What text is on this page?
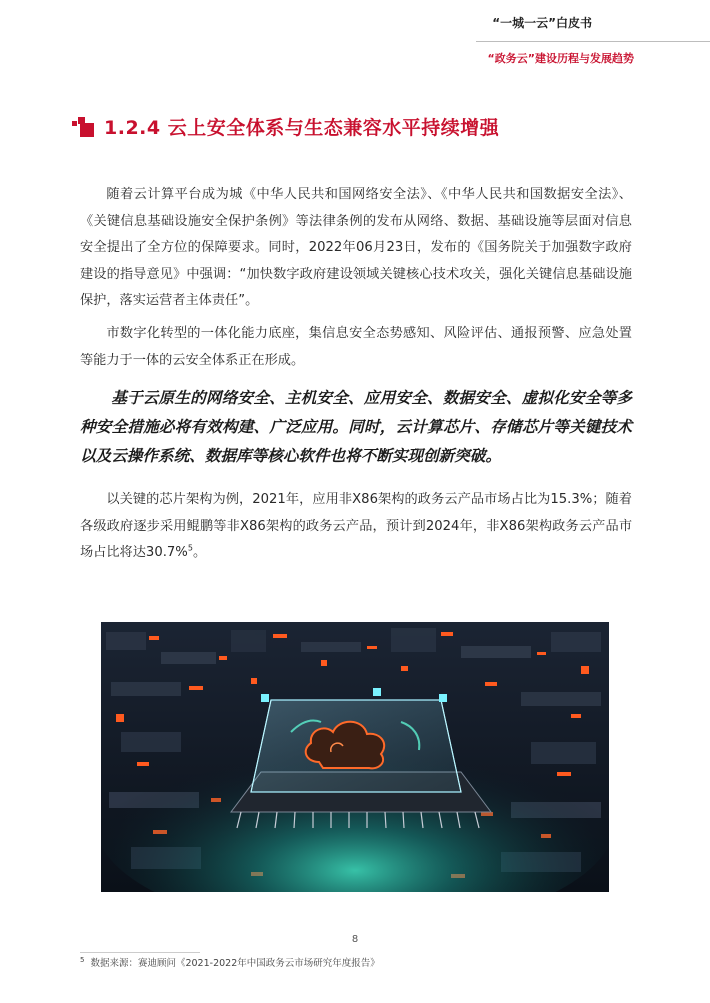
“一城一云”白皮书
“政务云”建设历程与发展趋势
1.2.4 云上安全体系与生态兼容水平持续增强

随着云计算平台成为城《中华人民共和国网络安全法》、《中华人民共和国数据安全法》、《关键信息基础设施安全保护条例》等法律条例的发布从网络、数据、基础设施等层面对信息安全提出了全方位的保障要求。同时，2022年06月23日，发布的《国务院关于加强数字政府建设的指导意见》中强调：“加快数字政府建设领域关键核心技术攻关，强化关键信息基础设施保护，落实运营者主体责任”。

市数字化转型的一体化能力底座，集信息安全态势感知、风险评估、通报预警、应急处置等能力于一体的云安全体系正在形成。

基于云原生的网络安全、主机安全、应用安全、数据安全、虚拟化安全等多种安全措施必将有效构建、广泛应用。同时，云计算芯片、存储芯片等关键技术以及云操作系统、数据库等核心软件也将不断实现创新突破。

以关键的芯片架构为例，2021年，应用非X86架构的政务云产品市场占比为15.3%；随着各级政府逐步采用鲲鹏等非X86架构的政务云产品，预计到2024年，非X86架构政务云产品市场占比将达30.7%$^5$。

8
$^5$ 数据来源：赛迪顾问《2021-2022年中国政务云市场研究年度报告》
